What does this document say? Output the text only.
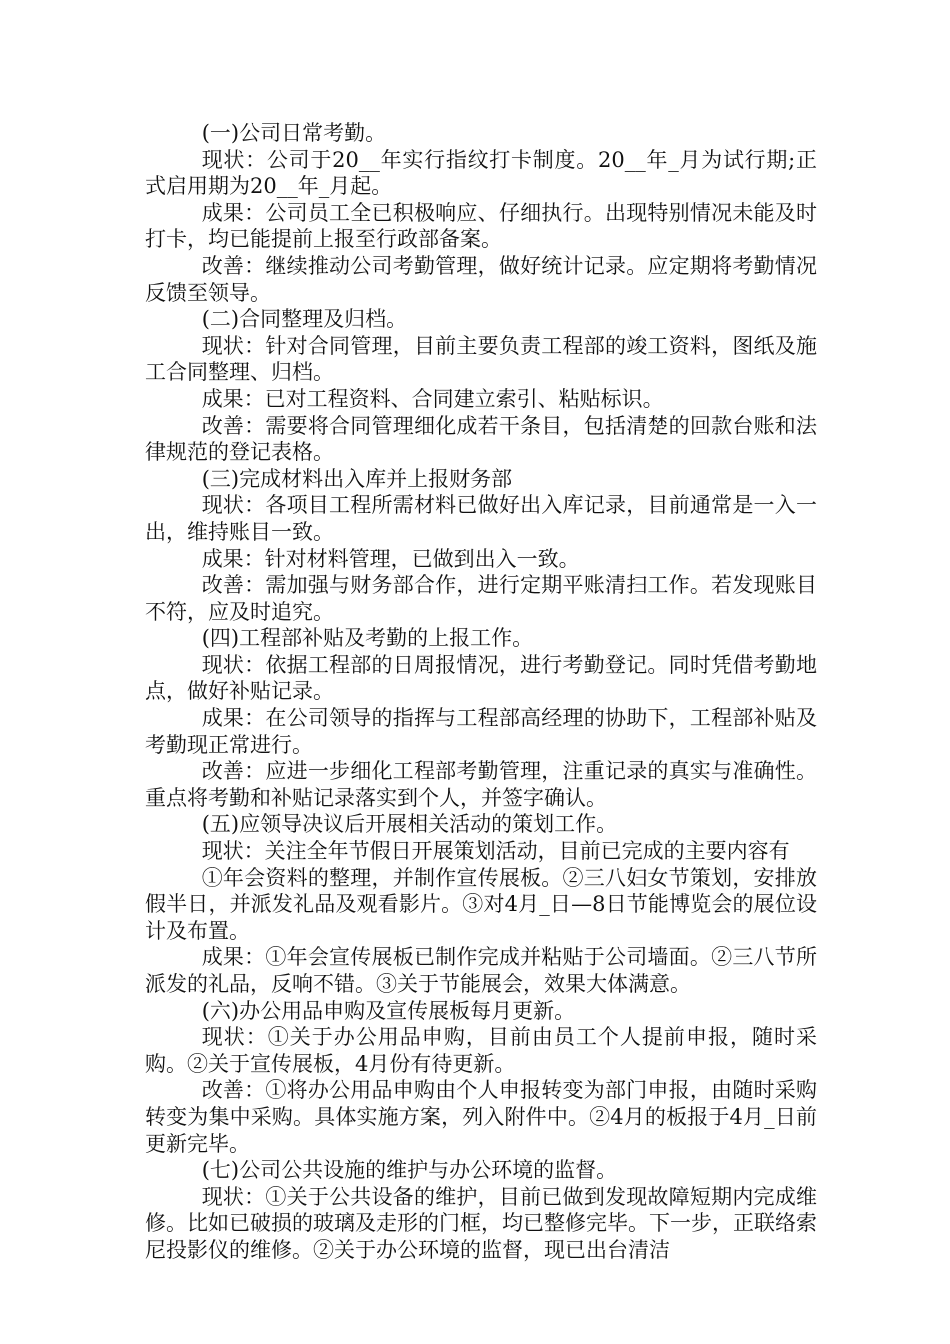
(一)公司日常考勤。

现状：公司于20__年实行指纹打卡制度。20__年_月为试行期;正式启用期为20__年_月起。

成果：公司员工全已积极响应、仔细执行。出现特别情况未能及时打卡，均已能提前上报至行政部备案。

改善：继续推动公司考勤管理，做好统计记录。应定期将考勤情况反馈至领导。

(二)合同整理及归档。

现状：针对合同管理，目前主要负责工程部的竣工资料，图纸及施工合同整理、归档。

成果：已对工程资料、合同建立索引、粘贴标识。

改善：需要将合同管理细化成若干条目，包括清楚的回款台账和法律规范的登记表格。

(三)完成材料出入库并上报财务部

现状：各项目工程所需材料已做好出入库记录，目前通常是一入一出，维持账目一致。

成果：针对材料管理，已做到出入一致。

改善：需加强与财务部合作，进行定期平账清扫工作。若发现账目不符，应及时追究。

(四)工程部补贴及考勤的上报工作。

现状：依据工程部的日周报情况，进行考勤登记。同时凭借考勤地点，做好补贴记录。

成果：在公司领导的指挥与工程部高经理的协助下，工程部补贴及考勤现正常进行。

改善：应进一步细化工程部考勤管理，注重记录的真实与准确性。重点将考勤和补贴记录落实到个人，并签字确认。

(五)应领导决议后开展相关活动的策划工作。

现状：关注全年节假日开展策划活动，目前已完成的主要内容有

①年会资料的整理，并制作宣传展板。②三八妇女节策划，安排放假半日，并派发礼品及观看影片。③对4月_日—8日节能博览会的展位设计及布置。

成果：①年会宣传展板已制作完成并粘贴于公司墙面。②三八节所派发的礼品，反响不错。③关于节能展会，效果大体满意。

(六)办公用品申购及宣传展板每月更新。

现状：①关于办公用品申购，目前由员工个人提前申报，随时采购。②关于宣传展板，4月份有待更新。

改善：①将办公用品申购由个人申报转变为部门申报，由随时采购转变为集中采购。具体实施方案，列入附件中。②4月的板报于4月_日前更新完毕。

(七)公司公共设施的维护与办公环境的监督。

现状：①关于公共设备的维护，目前已做到发现故障短期内完成维修。比如已破损的玻璃及走形的门框，均已整修完毕。下一步，正联络索尼投影仪的维修。②关于办公环境的监督，现已出台清洁
